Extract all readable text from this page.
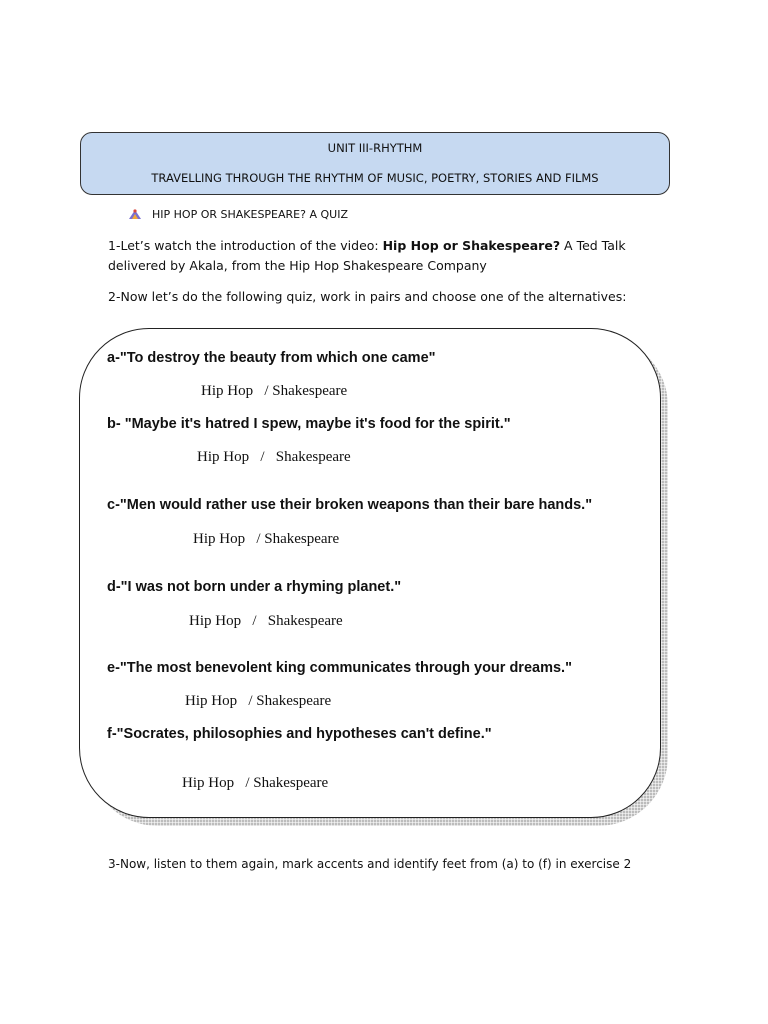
UNIT III-RHYTHM
TRAVELLING THROUGH THE RHYTHM OF MUSIC, POETRY, STORIES AND FILMS
HIP HOP OR SHAKESPEARE? A QUIZ
1-Let’s watch the introduction of the video: Hip Hop or Shakespeare? A Ted Talk delivered by Akala, from the Hip Hop Shakespeare Company
2-Now let’s do the following quiz, work in pairs and choose one of the alternatives:
a-"To destroy the beauty from which one came"
Hip Hop   / Shakespeare
b- "Maybe it's hatred I spew, maybe it's food for the spirit."
Hip Hop   /   Shakespeare
c-"Men would rather use their broken weapons than their bare hands."
Hip Hop   / Shakespeare
d-"I was not born under a rhyming planet."
Hip Hop   /   Shakespeare
e-"The most benevolent king communicates through your dreams."
Hip Hop   / Shakespeare
f-"Socrates, philosophies and hypotheses can't define."
Hip Hop   / Shakespeare
3-Now, listen to them again, mark accents and identify feet from (a) to (f) in exercise 2
